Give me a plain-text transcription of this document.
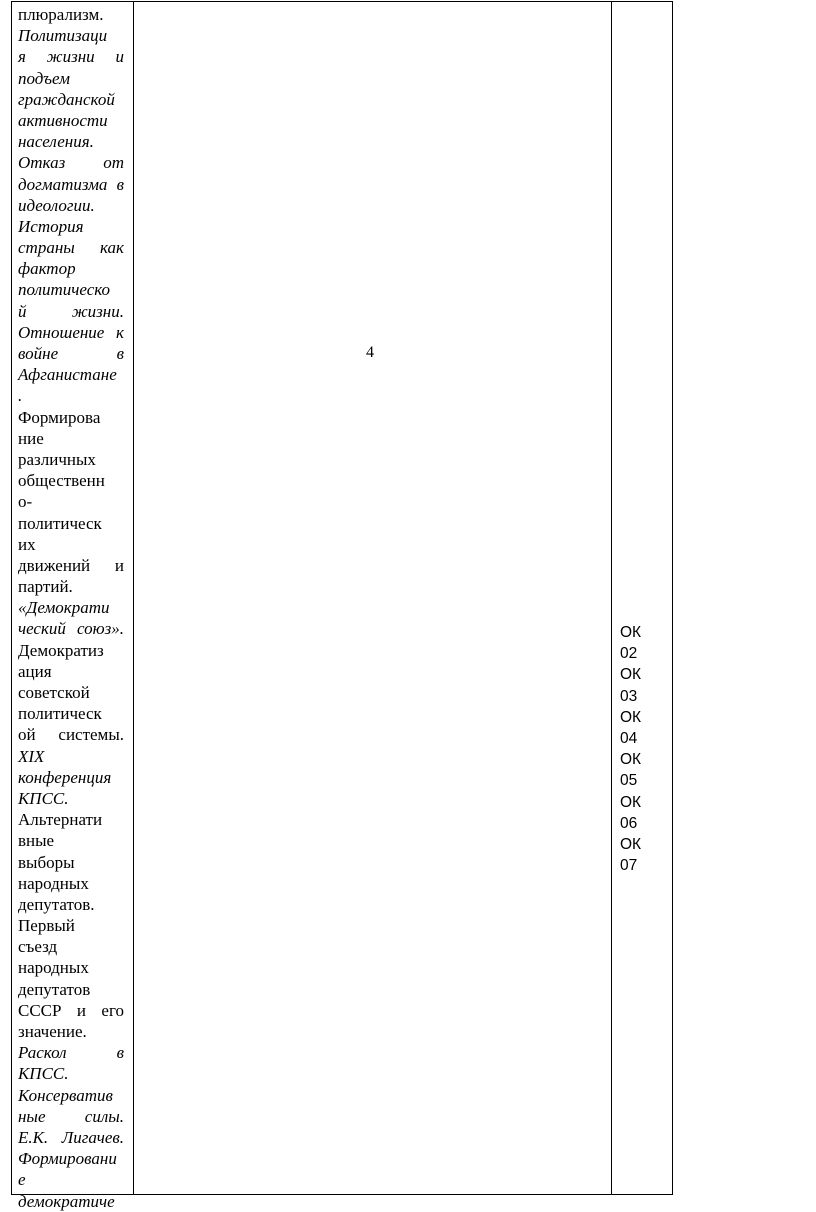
плюрализм.
Политизаци
я жизни и
подъем
гражданской
активности
населения.
Отказ от
догматизма в
идеологии.
История
страны как
фактор
политическо
й жизни.
Отношение к
войне в
Афганистане
.
Формирова
ние
различных
общественн
о-
политическ
их
движений и
партий.
«Демократи
ческий союз».
Демократиз
ация
советской
политическ
ой системы.
XIX
конференция
КПСС.
Альтернати
вные
выборы
народных
депутатов.
Первый
съезд
народных
депутатов
СССР и его
значение.
Раскол в
КПСС.
Консерватив
ные силы.
Е.К. Лигачев.
Формировани
е
демократиче
4
ОК
02
ОК
03
ОК
04
ОК
05
ОК
06
ОК
07
